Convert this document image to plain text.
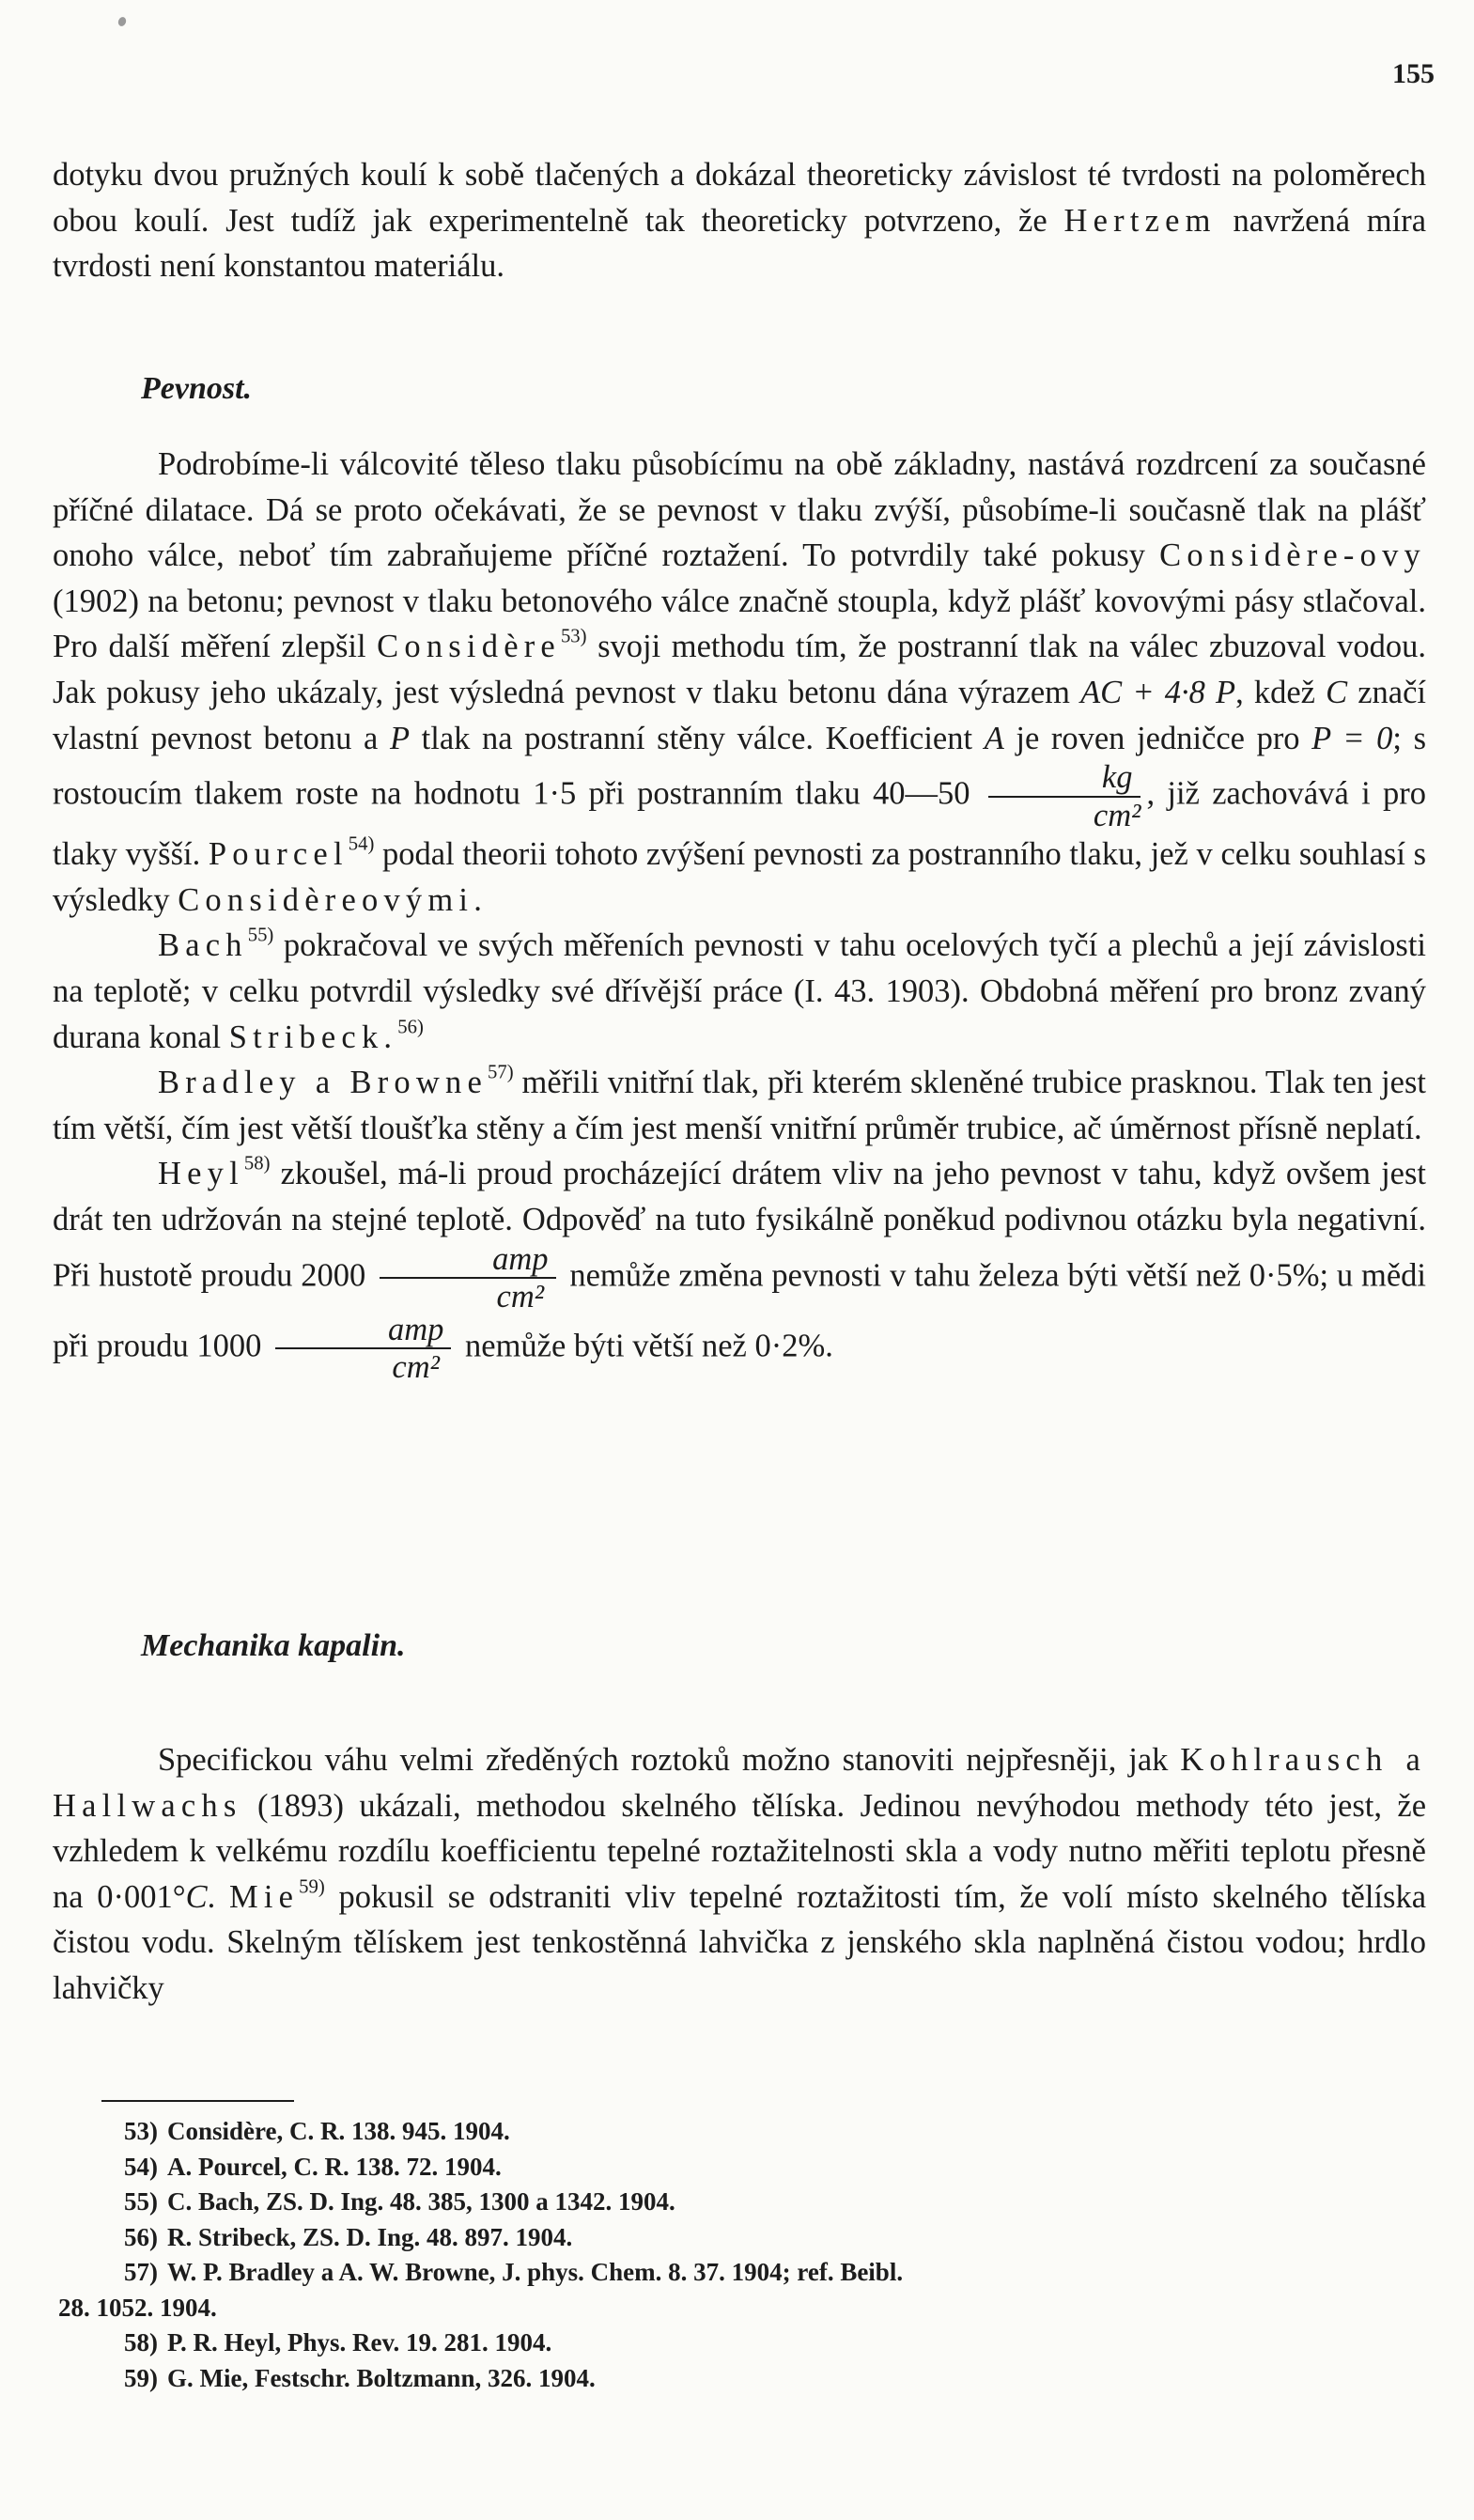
155

dotyku dvou pružných koulí k sobě tlačených a dokázal theoreticky závislost té tvrdosti na poloměrech obou koulí. Jest tudíž jak experimentelně tak theoreticky potvrzeno, že Hertzem navržená míra tvrdosti není konstantou materiálu.

Pevnost.

Podrobíme-li válcovité těleso tlaku působícímu na obě základny, nastává rozdrcení za současné příčné dilatace. Dá se proto očekávati, že se pevnost v tlaku zvýší, působíme-li současně tlak na plášť onoho válce, neboť tím zabraňujeme příčné roztažení. To potvrdily také pokusy Considère-ovy (1902) na betonu; pevnost v tlaku betonového válce značně stoupla, když plášť kovovými pásy stlačoval. Pro další měření zlepšil Considère$^{53)}$ svoji methodu tím, že postranní tlak na válec zbuzoval vodou. Jak pokusy jeho ukázaly, jest výsledná pevnost v tlaku betonu dána výrazem AC + 4·8 P, kdež C značí vlastní pevnost betonu a P tlak na postranní stěny válce. Koefficient A je roven jedničce pro P = 0; s rostoucím tlakem roste na hodnotu 1·5 při postranním tlaku 40—50 $\frac{kg}{\text{cm²}}$ , již zachovává i pro tlaky vyšší. Pourcel$^{54)}$ podal theorii tohoto zvýšení pevnosti za postranního tlaku, jež v celku souhlasí s výsledky Considèreovými.

Bach$^{55)}$ pokračoval ve svých měřeních pevnosti v tahu ocelových tyčí a plechů a její závislosti na teplotě; v celku potvrdil výsledky své dřívější práce (I. 43. 1903). Obdobná měření pro bronz zvaný durana konal Stribeck.$^{56)}$

Bradley a Browne$^{57)}$ měřili vnitřní tlak, při kterém skleněné trubice prasknou. Tlak ten jest tím větší, čím jest větší tloušťka stěny a čím jest menší vnitřní průměr trubice, ač úměrnost přísně neplatí.

Heyl$^{58)}$ zkoušel, má-li proud procházející drátem vliv na jeho pevnost v tahu, když ovšem jest drát ten udržován na stejné teplotě. Odpověď na tuto fysikálně poněkud podivnou otázku byla negativní. Při hustotě proudu $2000 \frac{\text{amp}}{\text{cm²}}$ nemůže změna pevnosti v tahu železa býti větší než 0·5%; u mědi při proudu $1000 \frac{\text{amp}}{\text{cm²}}$ nemůže býti větší než 0·2%.

Mechanika kapalin.

Specifickou váhu velmi zředěných roztoků možno stanoviti nejpřesněji, jak Kohlrausch a Hallwachs (1893) ukázali, methodou skelného tělíska. Jedinou nevýhodou methody této jest, že vzhledem k velkému rozdílu koefficientu tepelné roztažitelnosti skla a vody nutno měřiti teplotu přesně na 0·001°C. Mie$^{59)}$ pokusil se odstraniti vliv tepelné roztažitosti tím, že volí místo skelného tělíska čistou vodu. Skelným tělískem jest tenkostěnná lahvička z jenského skla naplněná čistou vodou; hrdlo lahvičky

53) Considère, C. R. 138. 945. 1904.
54) A. Pourcel, C. R. 138. 72. 1904.
55) C. Bach, ZS. D. Ing. 48. 385, 1300 a 1342. 1904.
56) R. Stribeck, ZS. D. Ing. 48. 897. 1904.
57) W. P. Bradley a A. W. Browne, J. phys. Chem. 8. 37. 1904; ref. Beibl.
28. 1052. 1904.
58) P. R. Heyl, Phys. Rev. 19. 281. 1904.
59) G. Mie, Festschr. Boltzmann, 326. 1904.
